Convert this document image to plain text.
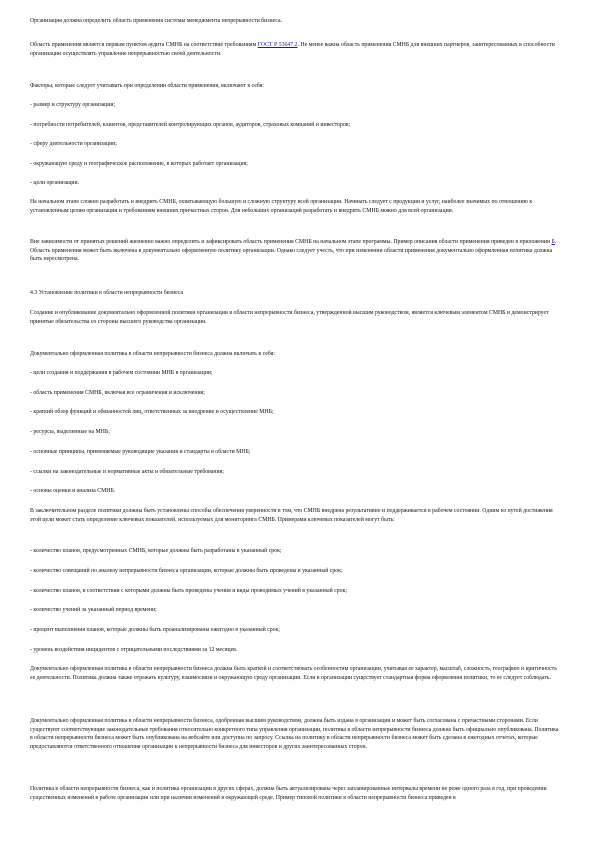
Организация должна определить область применения системы менеджмента непрерывности бизнеса.

Область применения является первым пунктом аудита СМНБ на соответствие требованиям ГОСТ Р 53647.2. Не менее важна область применения СМНБ для внешних партнеров, заинтересованных в способности организации осуществлять управление непрерывностью своей деятельности.

Факторы, которые следует учитывать при определении области применения, включают в себя:

- размер и структуру организации;

- потребности потребителей, клиентов, представителей контролирующих органов, аудиторов, страховых компаний и инвесторов;

- сферу деятельности организации;

- окружающую среду и географическое расположение, в которых работает организация;

- цели организации.

На начальном этапе сложно разработать и внедрить СМНБ, охватывающую большую и сложную структуру всей организации. Начинать следует с продукции и услуг, наиболее значимых по отношению к установленным целям организации и требованиям внешних причастных сторон. Для небольших организаций разработать и внедрить СМНБ можно для всей организации.

Вне зависимости от принятых решений жизненно важно определить и зафиксировать область применения СМНБ на начальном этапе программы. Пример описания области применения приведен в приложении Б. Область применения может быть включена в документально оформленную политику организации. Однако следует учесть, что при изменении области применения документально оформленная политика должна быть пересмотрена.

4.3 Установление политики в области непрерывности бизнеса

Создание и опубликование документально оформленной политики организации в области непрерывности бизнеса, утвержденной высшим руководством, является ключевым элементом СМНБ и демонстрирует принятые обязательства со стороны высшего руководства организации.

Документально оформленная политика в области непрерывности бизнеса должна включать в себя:

- цели создания и поддержания в рабочем состоянии МНБ в организации;

- область применения СМНБ, включая все ограничения и исключения;

- краткий обзор функций и обязанностей лиц, ответственных за внедрение и осуществление МНБ;

- ресурсы, выделенные на МНБ;

- основные принципы, применяемые руководящие указания и стандарты в области МНБ;

- ссылки на законодательные и нормативные акты и обязательные требования;

- основы оценки и анализа СМНБ.

В заключительном разделе политики должны быть установлены способы обеспечения уверенности в том, что СМНБ внедрена результативно и поддерживается в рабочем состоянии. Одним из путей достижения этой цели может стать определение ключевых показателей, используемых для мониторинга СМНБ. Примерами ключевых показателей могут быть:

- количество планов, предусмотренных СМНБ, которые должны быть разработаны в указанный срок;

- количество совещаний по анализу непрерывности бизнеса организации, которые должны быть проведены в указанный срок;

- количество планов, в соответствии с которыми должны быть проведены учения и виды проводимых учений в указанный срок;

- количество учений за указанный период времени;

- процент выполнения планов, которые должны быть проанализированы ежегодно в указанный срок;

- уровень воздействия инцидентов с отрицательными последствиями за 12 месяцев.

Документально оформленная политика в области непрерывности бизнеса должна быть краткой и соответствовать особенностям организации, учитывая ее характер, масштаб, сложность, географию и критичность ее деятельности. Политика должна также отражать культуру, взаимосвязи и окружающую среду организации. Если в организации существует стандартная форма оформления политики, то ее следует соблюдать.

Документально оформленная политика в области непрерывности бизнеса, одобренная высшим руководством, должна быть издана в организации и может быть согласована с причастными сторонами. Если существуют соответствующие законодательные требования относительно конкретного типа управления организации, политика в области непрерывности бизнеса должна быть официально опубликована. Политика в области непрерывности бизнеса может быть опубликована на вебсайте или доступна по запросу. Ссылка на политику в области непрерывности бизнеса может быть сделана в ежегодных отчетах, которые предоставляются ответственного отношения организации к непрерывности бизнеса для инвесторов и других заинтересованных сторон.

Политика в области непрерывности бизнеса, как и политика организации в других сферах, должна быть актуализирована через запланированные интервалы времени не реже одного раза в год, при проведении существенных изменений в работе организации или при наличии изменений в окружающей среде. Пример типовой политики в области непрерывности бизнеса приведен в
